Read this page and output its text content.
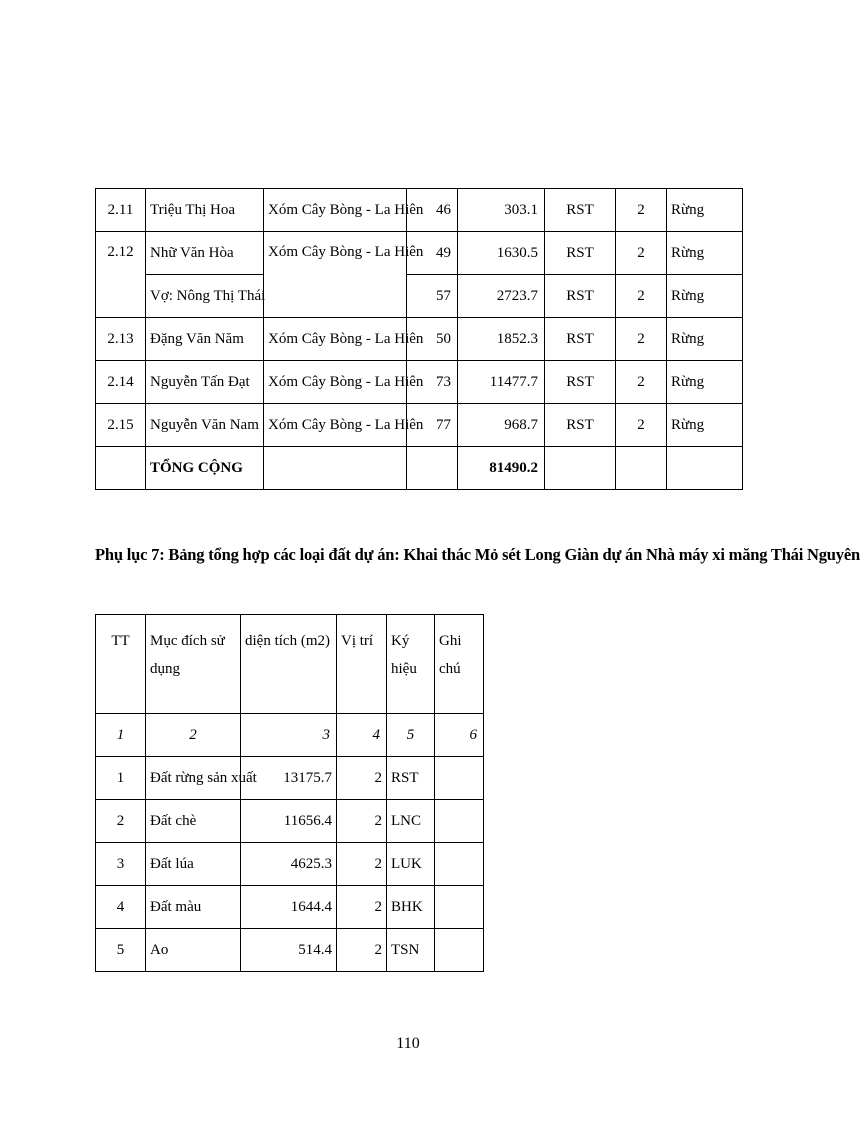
2.11	Triệu Thị Hoa	Xóm Cây Bòng - La Hiên	46	303.1	RST	2	Rừng
2.12	Nhữ Văn Hòa	Xóm Cây Bòng - La Hiên	49	1630.5	RST	2	Rừng
	Vợ: Nông Thị Thái		57	2723.7	RST	2	Rừng
2.13	Đặng Văn Năm	Xóm Cây Bòng - La Hiên	50	1852.3	RST	2	Rừng
2.14	Nguyễn Tấn Đạt	Xóm Cây Bòng - La Hiên	73	11477.7	RST	2	Rừng
2.15	Nguyễn Văn Nam	Xóm Cây Bòng - La Hiên	77	968.7	RST	2	Rừng
	TỔNG CỘNG			81490.2			
Phụ lục 7: Bảng tổng hợp các loại đất dự án: Khai thác Mỏ sét Long Giàn dự án Nhà máy xi măng Thái Nguyên
TT	Mục đích sử dụng	diện tích (m2)	Vị trí	Ký hiệu	Ghi chú
1	2	3	4	5	6
1	Đất rừng sản xuất	13175.7	2	RST	
2	Đất chè	11656.4	2	LNC	
3	Đất lúa	4625.3	2	LUK	
4	Đất màu	1644.4	2	BHK	
5	Ao	514.4	2	TSN	
110
